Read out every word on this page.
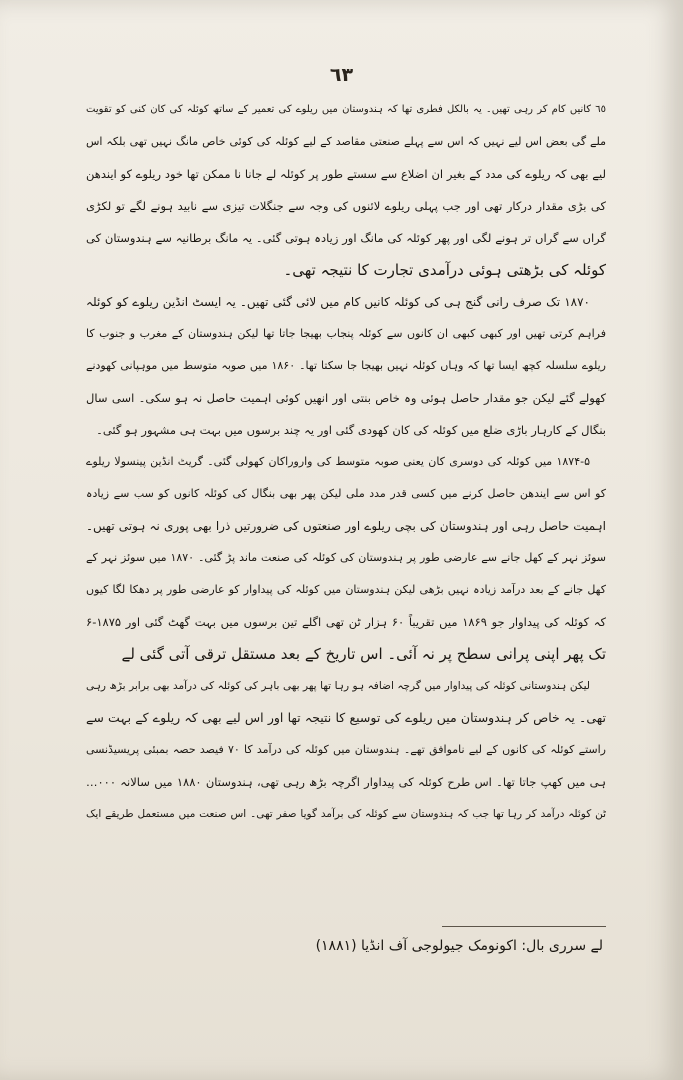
٦٣
٦٥ کانیں کام کر رہی تھیں۔ یہ بالکل فطری تھا کہ ہندوستان میں ریلوے کی تعمیر کے ساتھ کوئلہ کی کان کنی کو تقویت
ملے گی بعض اس لیے نہیں کہ اس سے پہلے صنعتی مقاصد کے لیے کوئلہ کی کوئی خاص مانگ نہیں تھی بلکہ اس
لیے بھی کہ ریلوے کی مدد کے بغیر ان اضلاع سے سستے طور پر کوئلہ لے جانا نا ممکن تھا خود ریلوے کو ایندھن
کی بڑی مقدار درکار تھی اور جب پہلی ریلوے لائنوں کی وجہ سے جنگلات تیزی سے نابید ہونے لگے تو لکڑی
گراں سے گراں تر ہونے لگی اور پھر کوئلہ کی مانگ اور زیادہ ہوتی گئی۔ یہ مانگ برطانیہ سے ہندوستان کی
کوئلہ کی بڑھتی ہوئی درآمدی تجارت کا نتیجہ تھی۔
۱۸۷۰ تک صرف رانی گنج ہی کی کوئلہ کانیں کام میں لائی گئی تھیں۔ یہ ایسٹ انڈین ریلوے کو کوئلہ
فراہم کرتی تھیں اور کبھی کبھی ان کانوں سے کوئلہ پنجاب بھیجا جاتا تھا لیکن ہندوستان کے مغرب و جنوب کا
ریلوے سلسلہ کچھ ایسا تھا کہ وہاں کوئلہ نہیں بھیجا جا سکتا تھا۔ ۱۸۶۰ میں صوبہ متوسط میں موہپانی کھودنے
کھولے گئے لیکن جو مقدار حاصل ہوئی وہ خاص بنتی اور انھیں کوئی اہمیت حاصل نہ ہو سکی۔ اسی سال
بنگال کے کارہار باڑی ضلع میں کوئلہ کی کان کھودی گئی اور یہ چند برسوں میں بہت ہی مشہور ہو گئی۔
۱۸۷۴-۵ میں کوئلہ کی دوسری کان یعنی صوبہ متوسط کی واروراکان کھولی گئی۔ گریٹ انڈین پینسولا ریلوے
کو اس سے ایندھن حاصل کرنے میں کسی قدر مدد ملی لیکن پھر بھی بنگال کی کوئلہ کانوں کو سب سے زیادہ
اہمیت حاصل رہی اور ہندوستان کی بچی ریلوے اور صنعتوں کی ضرورتیں ذرا بھی پوری نہ ہوتی تھیں۔
سوئز نہر کے کھل جانے سے عارضی طور پر ہندوستان کی کوئلہ کی صنعت ماند پڑ گئی۔ ۱۸۷۰ میں سوئز نہر کے
کھل جانے کے بعد درآمد زیادہ نہیں بڑھی لیکن ہندوستان میں کوئلہ کی پیداوار کو عارضی طور پر دھکا لگا کیوں
کہ کوئلہ کی پیداوار جو ۱۸۶۹ میں تقریباً ۶۰ ہزار ٹن تھی اگلے تین برسوں میں بہت گھٹ گئی اور ۱۸۷۵-۶
تک پھر اپنی پرانی سطح پر نہ آئی۔ اس تاریخ کے بعد مستقل ترقی آتی گئی لے
لیکن ہندوستانی کوئلہ کی پیداوار میں گرچہ اضافہ ہو رہا تھا پھر بھی باہر کی کوئلہ کی درآمد بھی برابر بڑھ رہی
تھی۔ یہ خاص کر ہندوستان میں ریلوے کی توسیع کا نتیجہ تھا اور اس لیے بھی کہ ریلوے کے بہت سے
راستے کوئلہ کی کانوں کے لیے ناموافق تھے۔ ہندوستان میں کوئلہ کی درآمد کا ۷۰ فیصد حصہ بمبئی پریسیڈنسی
ہی میں کھپ جاتا تھا۔ اس طرح کوئلہ کی پیداوار اگرچہ بڑھ رہی تھی، ہندوستان ۱۸۸۰ میں سالانہ ۰۰۰…
ٹن کوئلہ درآمد کر رہا تھا جب کہ ہندوستان سے کوئلہ کی برآمد گویا صفر تھی۔ اس صنعت میں مستعمل طریقے ایک
لے سرری بال: اکونومک جیولوجی آف انڈیا (۱۸۸۱)
